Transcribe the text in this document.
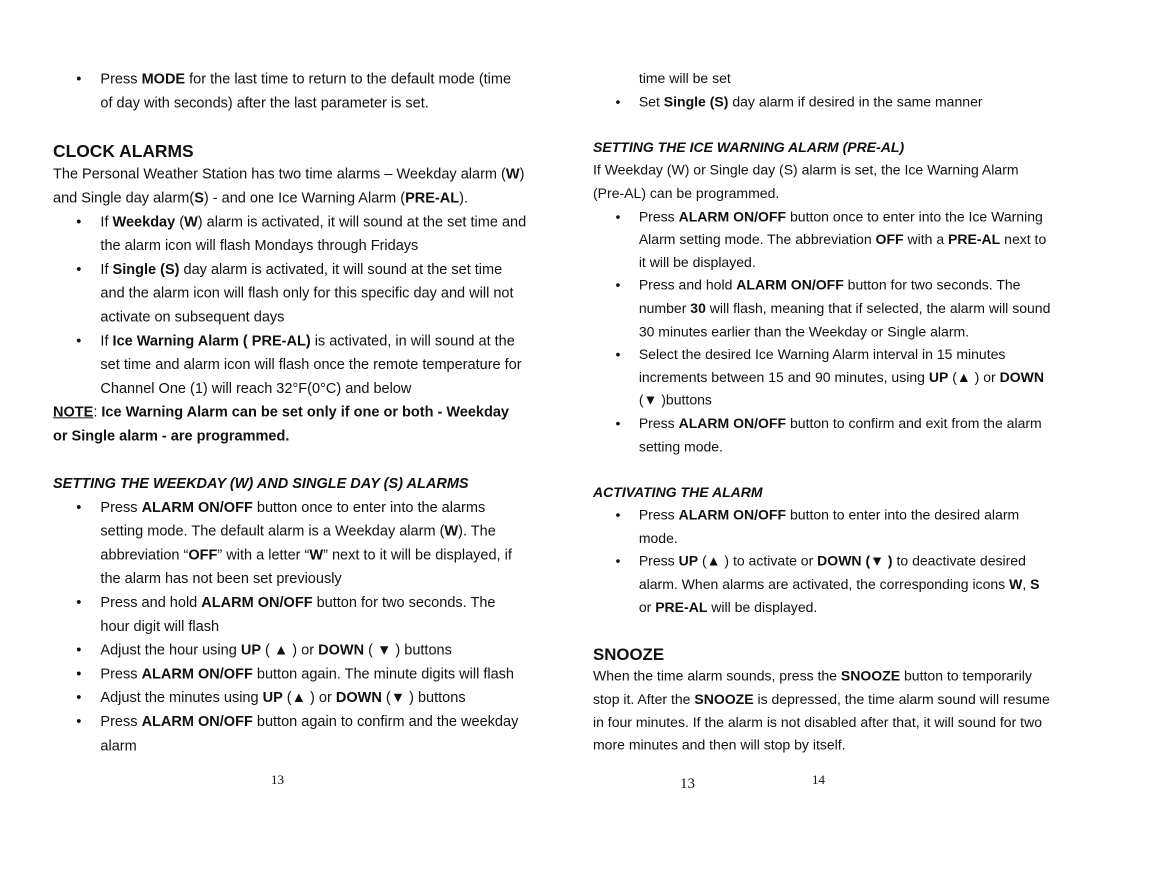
• Press MODE for the last time to return to the default mode (time of day with seconds) after the last parameter is set.

CLOCK ALARMS

The Personal Weather Station has two time alarms – Weekday alarm (W) and Single day alarm(S) - and one Ice Warning Alarm (PRE-AL).

• If Weekday (W) alarm is activated, it will sound at the set time and the alarm icon will flash Mondays through Fridays
• If Single (S) day alarm is activated, it will sound at the set time and the alarm icon will flash only for this specific day and will not activate on subsequent days
• If Ice Warning Alarm ( PRE-AL) is activated, in will sound at the set time and alarm icon will flash once the remote temperature for Channel One (1) will reach 32°F(0°C) and below

NOTE: Ice Warning Alarm can be set only if one or both - Weekday or Single alarm - are programmed.

SETTING THE WEEKDAY (W) AND SINGLE DAY (S) ALARMS

• Press ALARM ON/OFF button once to enter into the alarms setting mode. The default alarm is a Weekday alarm (W). The abbreviation “OFF” with a letter “W” next to it will be displayed, if the alarm has not been set previously
• Press and hold ALARM ON/OFF button for two seconds. The hour digit will flash
• Adjust the hour using UP ( ▲ ) or DOWN ( ▼ ) buttons
• Press ALARM ON/OFF button again. The minute digits will flash
• Adjust the minutes using UP (▲ ) or DOWN (▼ ) buttons
• Press ALARM ON/OFF button again to confirm and the weekday alarm

time will be set

• Set Single (S) day alarm if desired in the same manner

SETTING THE ICE WARNING ALARM (PRE-AL)

If Weekday (W) or Single day (S) alarm is set, the Ice Warning Alarm (Pre-AL) can be programmed.

• Press ALARM ON/OFF button once to enter into the Ice Warning Alarm setting mode. The abbreviation OFF with a PRE-AL next to it will be displayed.
• Press and hold ALARM ON/OFF button for two seconds. The number 30 will flash, meaning that if selected, the alarm will sound 30 minutes earlier than the Weekday or Single alarm.
• Select the desired Ice Warning Alarm interval in 15 minutes increments between 15 and 90 minutes, using UP (▲ ) or DOWN (▼ )buttons
• Press ALARM ON/OFF button to confirm and exit from the alarm setting mode.

ACTIVATING THE ALARM

• Press ALARM ON/OFF button to enter into the desired alarm mode.
• Press UP (▲ ) to activate or DOWN (▼ ) to deactivate desired alarm. When alarms are activated, the corresponding icons W, S or PRE-AL will be displayed.

SNOOZE

When the time alarm sounds, press the SNOOZE button to temporarily stop it. After the SNOOZE is depressed, the time alarm sound will resume in four minutes. If the alarm is not disabled after that, it will sound for two more minutes and then will stop by itself.

13	13	14
